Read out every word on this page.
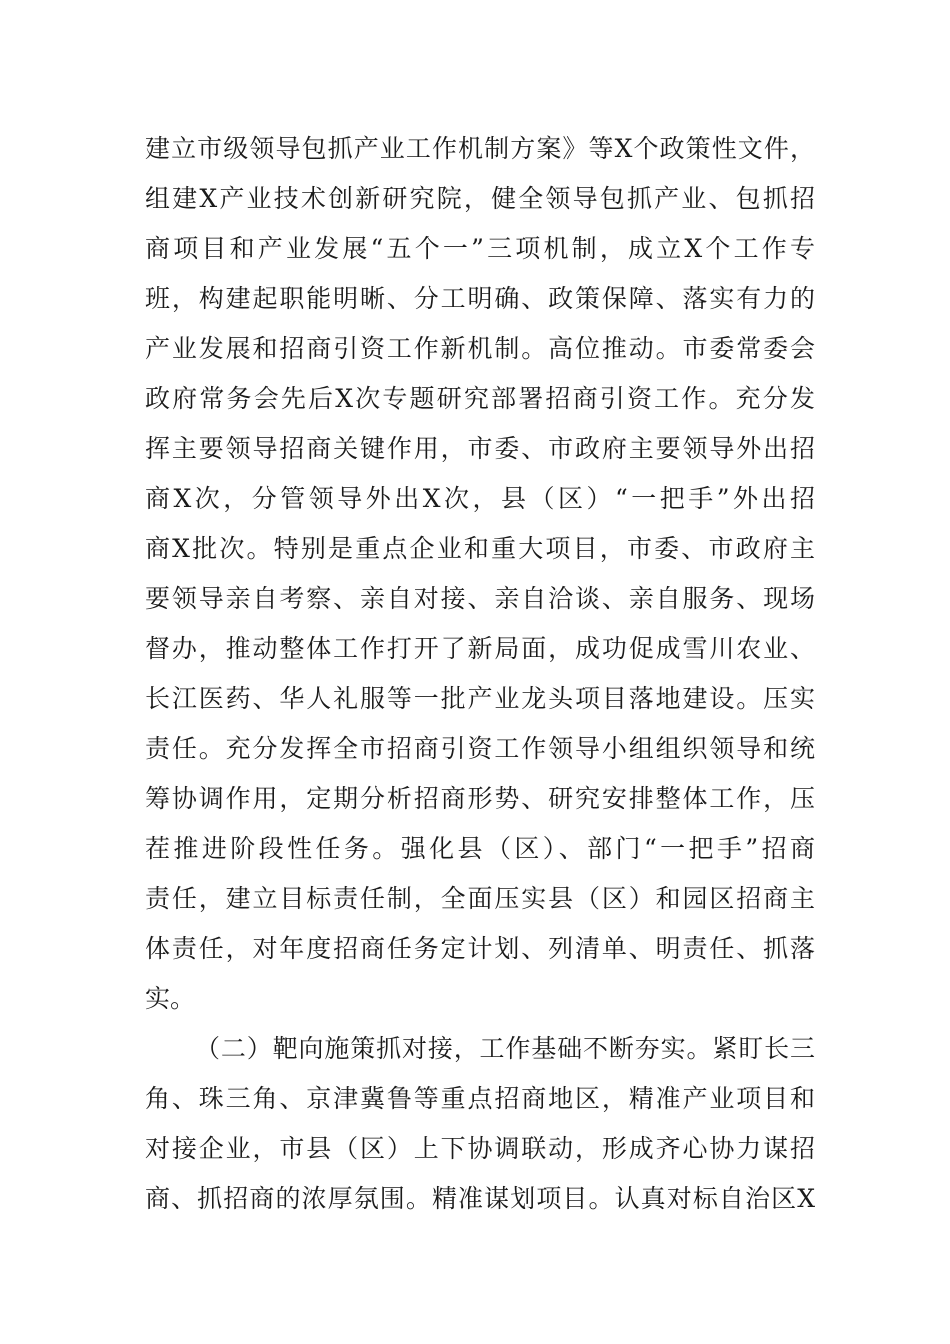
建立市级领导包抓产业工作机制方案》等X个政策性文件，
组建X产业技术创新研究院，健全领导包抓产业、包抓招
商项目和产业发展“五个一”三项机制，成立X个工作专
班，构建起职能明晰、分工明确、政策保障、落实有力的
产业发展和招商引资工作新机制。高位推动。市委常委会
政府常务会先后X次专题研究部署招商引资工作。充分发
挥主要领导招商关键作用，市委、市政府主要领导外出招
商X次，分管领导外出X次，县（区）“一把手”外出招
商X批次。特别是重点企业和重大项目，市委、市政府主
要领导亲自考察、亲自对接、亲自洽谈、亲自服务、现场
督办，推动整体工作打开了新局面，成功促成雪川农业、
长江医药、华人礼服等一批产业龙头项目落地建设。压实
责任。充分发挥全市招商引资工作领导小组组织领导和统
筹协调作用，定期分析招商形势、研究安排整体工作，压
茬推进阶段性任务。强化县（区）、部门“一把手”招商
责任，建立目标责任制，全面压实县（区）和园区招商主
体责任，对年度招商任务定计划、列清单、明责任、抓落
实。
（二）靶向施策抓对接，工作基础不断夯实。紧盯长三
角、珠三角、京津冀鲁等重点招商地区，精准产业项目和
对接企业，市县（区）上下协调联动，形成齐心协力谋招
商、抓招商的浓厚氛围。精准谋划项目。认真对标自治区X
